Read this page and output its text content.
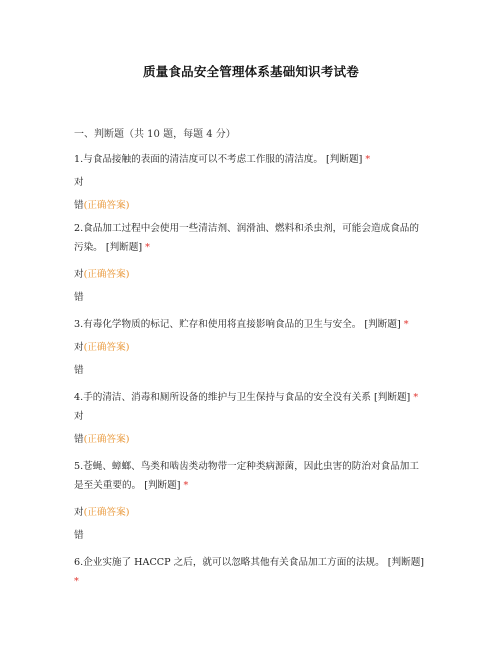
质量食品安全管理体系基础知识考试卷
一、判断题（共 10 题，每题 4 分）
1.与食品接触的表面的清洁度可以不考虑工作服的清洁度。 [判断题] *
对
错(正确答案)
2.食品加工过程中会使用一些清洁剂、润滑油、燃料和杀虫剂，可能会造成食品的
污染。 [判断题] *
对(正确答案)
错
3.有毒化学物质的标记、贮存和使用将直接影响食品的卫生与安全。 [判断题] *
对(正确答案)
错
4.手的清洁、消毒和厕所设备的维护与卫生保持与食品的安全没有关系 [判断题] *
对
错(正确答案)
5.苍蝇、蟑螂、鸟类和啮齿类动物带一定种类病源菌，因此虫害的防治对食品加工
是至关重要的。 [判断题] *
对(正确答案)
错
6.企业实施了 HACCP 之后，就可以忽略其他有关食品加工方面的法规。 [判断题]
*
